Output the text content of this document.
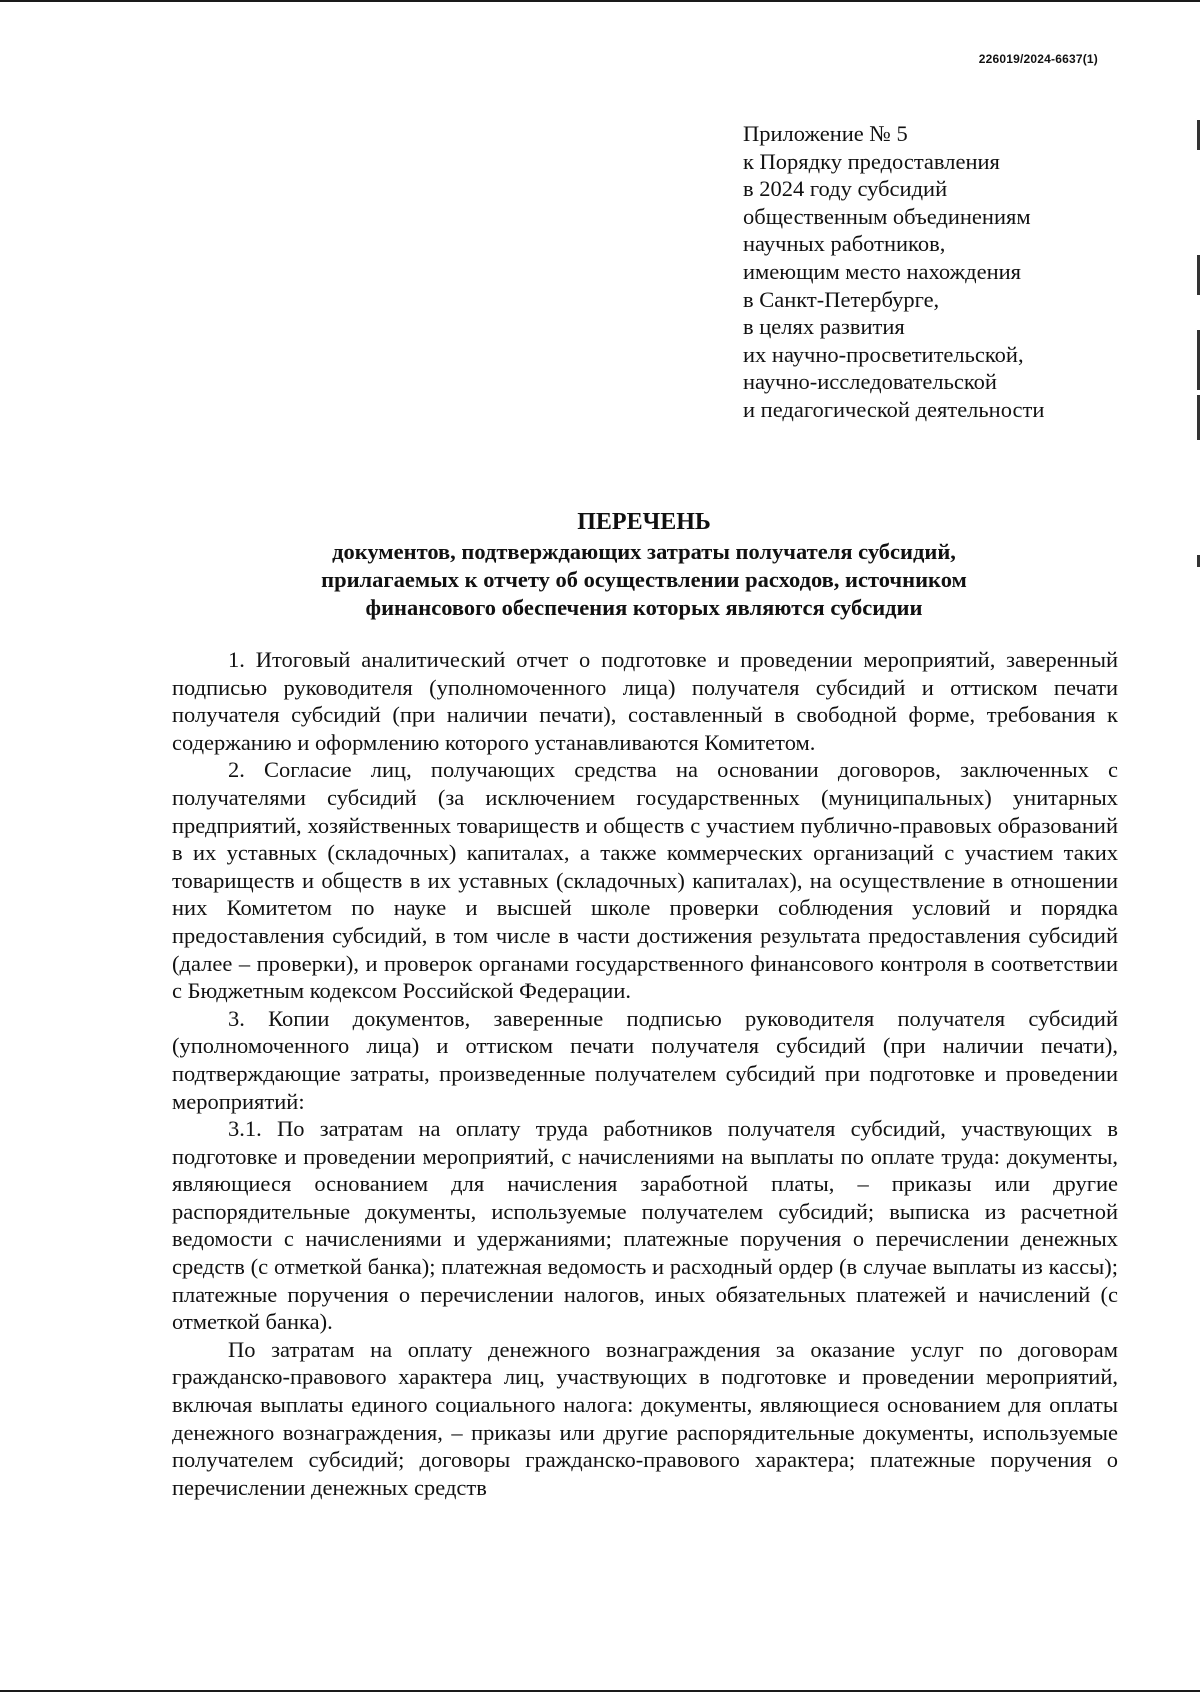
226019/2024-6637(1)
Приложение № 5
к Порядку предоставления
в 2024 году субсидий
общественным объединениям
научных работников,
имеющим место нахождения
в Санкт-Петербурге,
в целях развития
их научно-просветительской,
научно-исследовательской
и педагогической деятельности
ПЕРЕЧЕНЬ
документов, подтверждающих затраты получателя субсидий,
прилагаемых к отчету об осуществлении расходов, источником
финансового обеспечения которых являются субсидии

1. Итоговый аналитический отчет о подготовке и проведении мероприятий, заверенный подписью руководителя (уполномоченного лица) получателя субсидий и оттиском печати получателя субсидий (при наличии печати), составленный в свободной форме, требования к содержанию и оформлению которого устанавливаются Комитетом.

2. Согласие лиц, получающих средства на основании договоров, заключенных с получателями субсидий (за исключением государственных (муниципальных) унитарных предприятий, хозяйственных товариществ и обществ с участием публично-правовых образований в их уставных (складочных) капиталах, а также коммерческих организаций с участием таких товариществ и обществ в их уставных (складочных) капиталах), на осуществление в отношении них Комитетом по науке и высшей школе проверки соблюдения условий и порядка предоставления субсидий, в том числе в части достижения результата предоставления субсидий (далее – проверки), и проверок органами государственного финансового контроля в соответствии с Бюджетным кодексом Российской Федерации.

3. Копии документов, заверенные подписью руководителя получателя субсидий (уполномоченного лица) и оттиском печати получателя субсидий (при наличии печати), подтверждающие затраты, произведенные получателем субсидий при подготовке и проведении мероприятий:

3.1. По затратам на оплату труда работников получателя субсидий, участвующих в подготовке и проведении мероприятий, с начислениями на выплаты по оплате труда: документы, являющиеся основанием для начисления заработной платы, – приказы или другие распорядительные документы, используемые получателем субсидий; выписка из расчетной ведомости с начислениями и удержаниями; платежные поручения о перечислении денежных средств (с отметкой банка); платежная ведомость и расходный ордер (в случае выплаты из кассы); платежные поручения о перечислении налогов, иных обязательных платежей и начислений (с отметкой банка).

По затратам на оплату денежного вознаграждения за оказание услуг по договорам гражданско-правового характера лиц, участвующих в подготовке и проведении мероприятий, включая выплаты единого социального налога: документы, являющиеся основанием для оплаты денежного вознаграждения, – приказы или другие распорядительные документы, используемые получателем субсидий; договоры гражданско-правового характера; платежные поручения о перечислении денежных средств
